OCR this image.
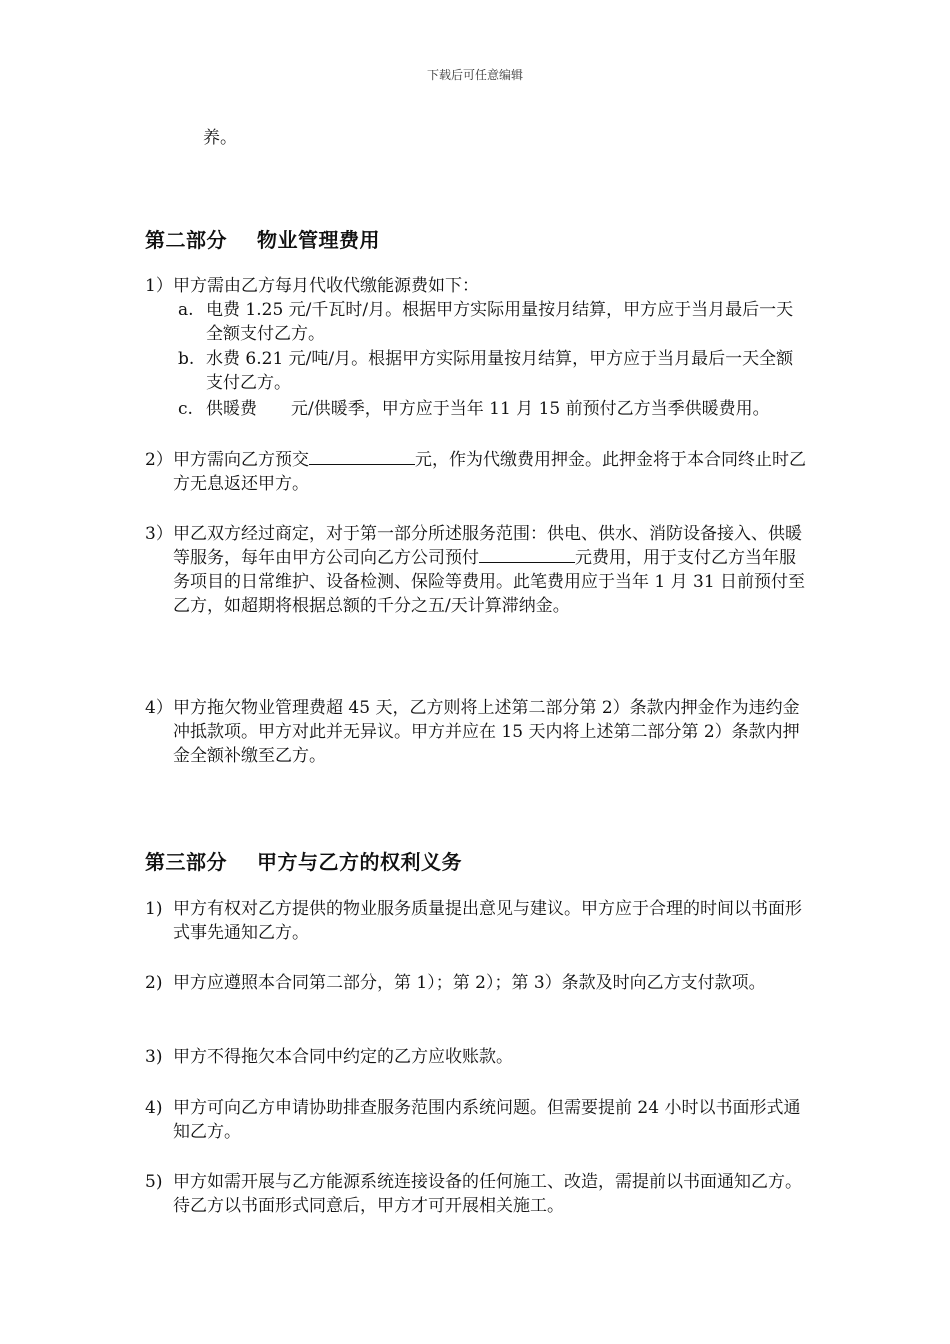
下载后可任意编辑
养。
第二部分 物业管理费用
1） 甲方需由乙方每月代收代缴能源费如下：
a. 电费 1.25 元/千瓦时/月。根据甲方实际用量按月结算，甲方应于当月最后一天全额支付乙方。
b. 水费 6.21 元/吨/月。根据甲方实际用量按月结算，甲方应于当月最后一天全额支付乙方。
c. 供暖费 元/供暖季，甲方应于当年 11 月 15 前预付乙方当季供暖费用。
2） 甲方需向乙方预交	元，作为代缴费用押金。此押金将于本合同终止时乙方无息返还甲方。
3） 甲乙双方经过商定，对于第一部分所述服务范围：供电、供水、消防设备接入、供暖等服务，每年由甲方公司向乙方公司预付	元费用，用于支付乙方当年服务项目的日常维护、设备检测、保险等费用。此笔费用应于当年 1 月 31 日前预付至乙方，如超期将根据总额的千分之五/天计算滞纳金。
4） 甲方拖欠物业管理费超 45 天，乙方则将上述第二部分第 2）条款内押金作为违约金冲抵款项。甲方对此并无异议。甲方并应在 15 天内将上述第二部分第 2）条款内押金全额补缴至乙方。
第三部分 甲方与乙方的权利义务
1) 甲方有权对乙方提供的物业服务质量提出意见与建议。甲方应于合理的时间以书面形式事先通知乙方。
2) 甲方应遵照本合同第二部分，第 1）；第 2）；第 3）条款及时向乙方支付款项。
3) 甲方不得拖欠本合同中约定的乙方应收账款。
4) 甲方可向乙方申请协助排查服务范围内系统问题。但需要提前 24 小时以书面形式通知乙方。
5) 甲方如需开展与乙方能源系统连接设备的任何施工、改造，需提前以书面通知乙方。待乙方以书面形式同意后，甲方才可开展相关施工。
